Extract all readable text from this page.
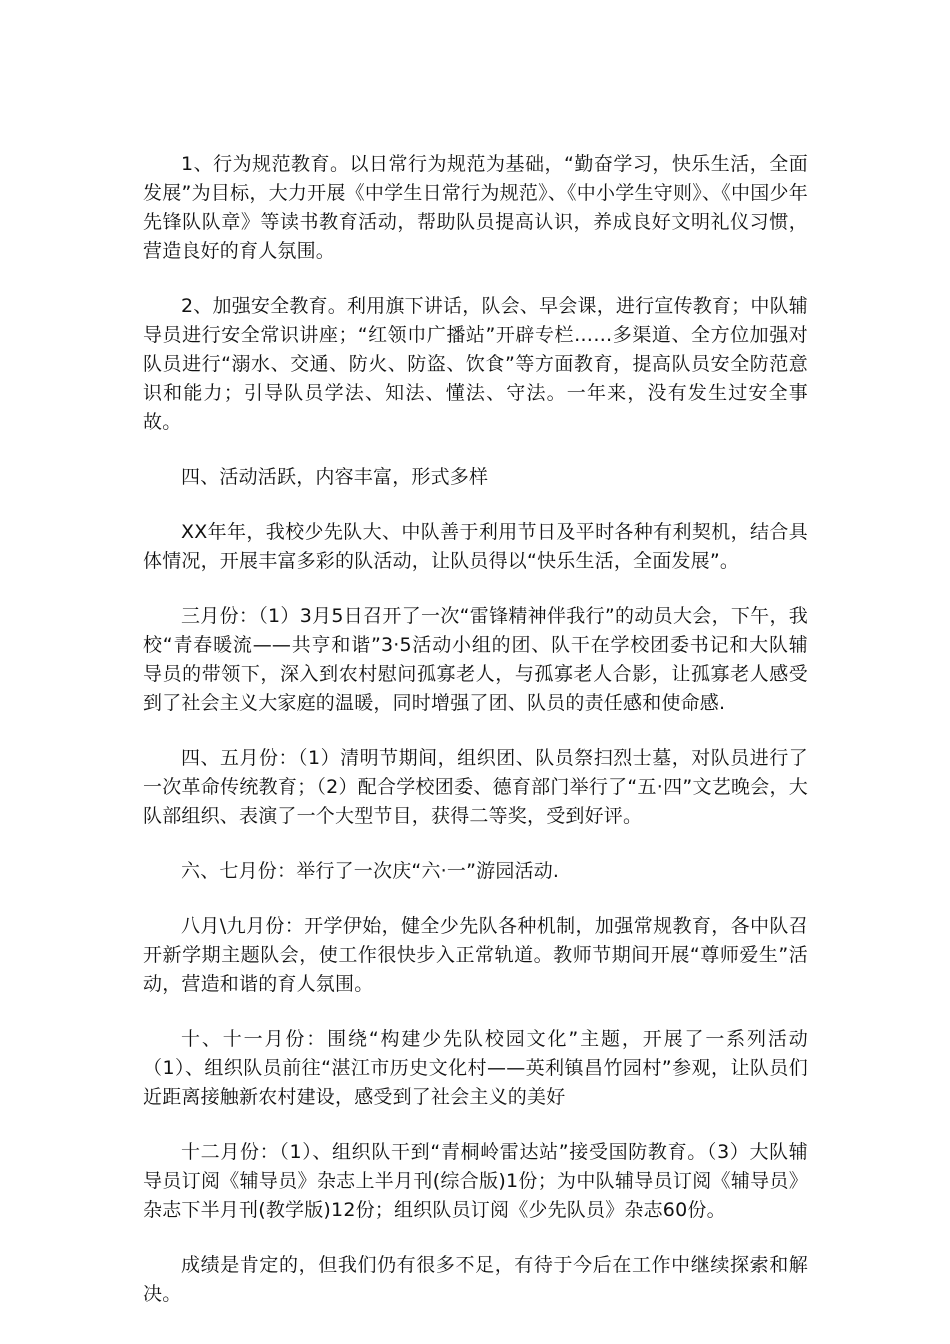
1、行为规范教育。以日常行为规范为基础，“勤奋学习，快乐生活，全面发展”为目标，大力开展《中学生日常行为规范》、《中小学生守则》、《中国少年先锋队队章》等读书教育活动，帮助队员提高认识，养成良好文明礼仪习惯，营造良好的育人氛围。

2、加强安全教育。利用旗下讲话，队会、早会课，进行宣传教育；中队辅导员进行安全常识讲座；“红领巾广播站”开辟专栏……多渠道、全方位加强对队员进行“溺水、交通、防火、防盗、饮食”等方面教育，提高队员安全防范意识和能力；引导队员学法、知法、懂法、守法。一年来，没有发生过安全事故。

四、活动活跃，内容丰富，形式多样

XX年年，我校少先队大、中队善于利用节日及平时各种有利契机，结合具体情况，开展丰富多彩的队活动，让队员得以“快乐生活，全面发展”。

三月份：（1）3月5日召开了一次“雷锋精神伴我行”的动员大会，下午，我校“青春暖流——共亨和谐”3·5活动小组的团、队干在学校团委书记和大队辅导员的带领下，深入到农村慰问孤寡老人，与孤寡老人合影，让孤寡老人感受到了社会主义大家庭的温暖，同时增强了团、队员的责任感和使命感.

四、五月份：（1）清明节期间，组织团、队员祭扫烈士墓，对队员进行了一次革命传统教育；（2）配合学校团委、德育部门举行了“五·四”文艺晚会，大队部组织、表演了一个大型节目，获得二等奖，受到好评。

六、七月份：举行了一次庆“六·一”游园活动.

八月\九月份：开学伊始，健全少先队各种机制，加强常规教育，各中队召开新学期主题队会，使工作很快步入正常轨道。教师节期间开展“尊师爱生”活动，营造和谐的育人氛围。

十、十一月份：围绕“构建少先队校园文化”主题，开展了一系列活动（1）、组织队员前往“湛江市历史文化村——英利镇昌竹园村”参观，让队员们近距离接触新农村建设，感受到了社会主义的美好

十二月份：（1）、组织队干到“青桐岭雷达站”接受国防教育。（3）大队辅导员订阅《辅导员》杂志上半月刊(综合版)1份；为中队辅导员订阅《辅导员》杂志下半月刊(教学版)12份；组织队员订阅《少先队员》杂志60份。

成绩是肯定的，但我们仍有很多不足，有待于今后在工作中继续探索和解决。
